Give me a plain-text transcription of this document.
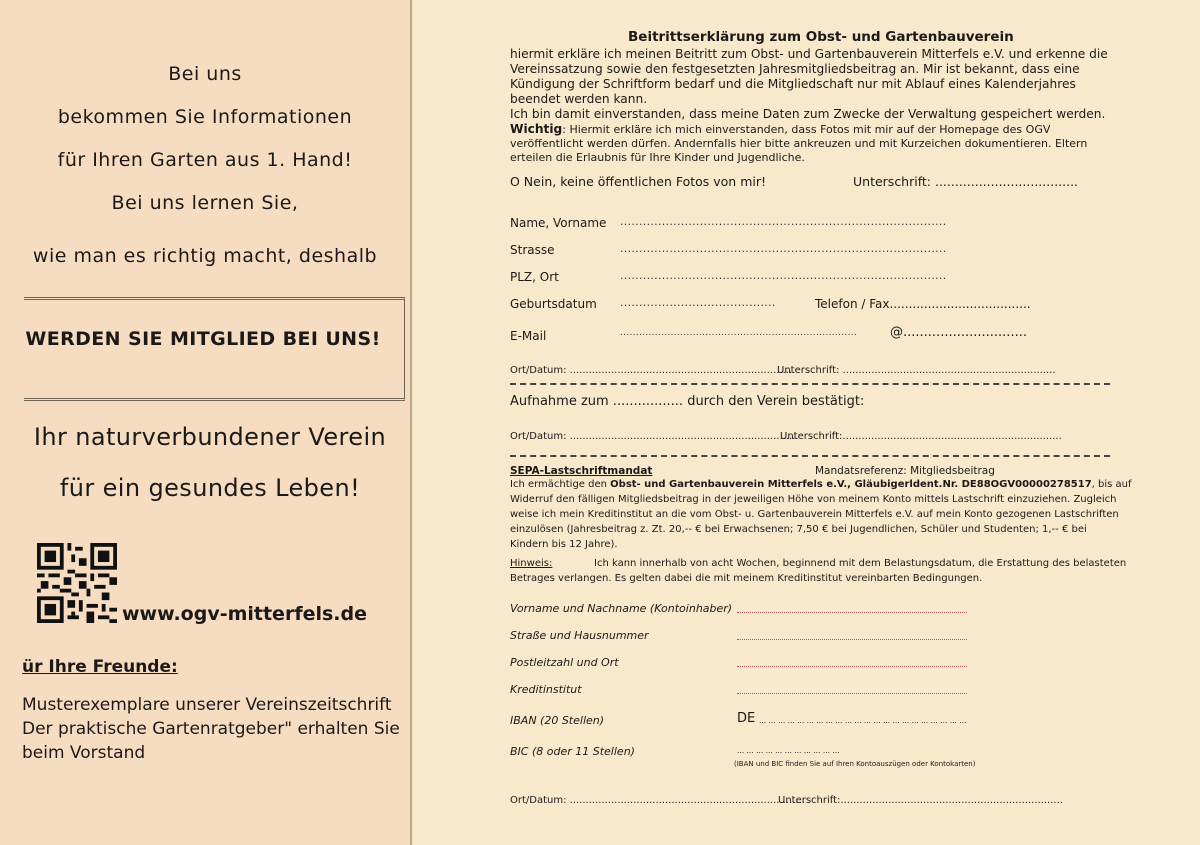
Bei uns
bekommen Sie Informationen
für Ihren Garten aus 1. Hand!
Bei uns lernen Sie,
wie man es richtig macht, deshalb
WERDEN SIE MITGLIED BEI UNS!
Ihr naturverbundener Verein
für ein gesundes Leben!
www.ogv-mitterfels.de
ür Ihre Freunde:
Musterexemplare unserer Vereinszeitschrift
Der praktische Gartenratgeber" erhalten Sie
beim Vorstand
Beitrittserklärung zum Obst- und Gartenbauverein
hiermit erkläre ich meinen Beitritt zum Obst- und Gartenbauverein Mitterfels e.V. und erkenne die
Vereinssatzung sowie den festgesetzten Jahresmitgliedsbeitrag an. Mir ist bekannt, dass eine
Kündigung der Schriftform bedarf und die Mitgliedschaft nur mit Ablauf eines Kalenderjahres
beendet werden kann.
Ich bin damit einverstanden, dass meine Daten zum Zwecke der Verwaltung gespeichert werden.
Wichtig: Hiermit erkläre ich mich einverstanden, dass Fotos mit mir auf der Homepage des OGV
veröffentlicht werden dürfen. Andernfalls hier bitte ankreuzen und mit Kurzeichen dokumentieren. Eltern
erteilen die Erlaubnis für Ihre Kinder und Jugendliche.
O Nein, keine öffentlichen Fotos von mir!	Unterschrift: ....................................
Name, Vorname ......................................................................................
Strasse	......................................................................................
PLZ, Ort	......................................................................................
Geburtsdatum .........................................	Telefon / Fax.....................................
E-Mail	...........................................................................	@..............................
Ort/Datum: .......................................................................
Unterschrift: ...................................................................
Aufnahme zum ................. durch den Verein bestätigt:
Ort/Datum: ........................................................................
Unterschrift:.....................................................................
SEPA-Lastschriftmandat	Mandatsreferenz: Mitgliedsbeitrag
Ich ermächtige den Obst- und Gartenbauverein Mitterfels e.V., Gläubigerldent.Nr. DE88OGV00000278517, bis auf
Widerruf den fälligen Mitgliedsbeitrag in der jeweiligen Höhe von meinem Konto mittels Lastschrift einzuziehen. Zugleich
weise ich mein Kreditinstitut an die vom Obst- u. Gartenbauverein Mitterfels e.V. auf mein Konto gezogenen Lastschriften
einzulösen (Jahresbeitrag z. Zt. 20,-- € bei Erwachsenen; 7,50 € bei Jugendlichen, Schüler und Studenten; 1,-- € bei
Kindern bis 12 Jahre).
Hinweis:	Ich kann innerhalb von acht Wochen, beginnend mit dem Belastungsdatum, die Erstattung des belasteten
Betrages verlangen. Es gelten dabei die mit meinem Kreditinstitut vereinbarten Bedingungen.
Vorname und Nachname (Kontoinhaber)
Straße und Hausnummer
Postleitzahl und Ort
Kreditinstitut
IBAN (20 Stellen)	DE ... ... ... ... ... ... ... ... ... ... ... ... ... ... ... ... ... ... ... ... ... ...
BIC (8 oder 11 Stellen)	... ... ... ... ... ... ... ... ... ... ...
(IBAN und BIC finden Sie auf Ihren Kontoauszügen oder Kontokarten)
Ort/Datum: ..........................................................................
Unterschrift:......................................................................
